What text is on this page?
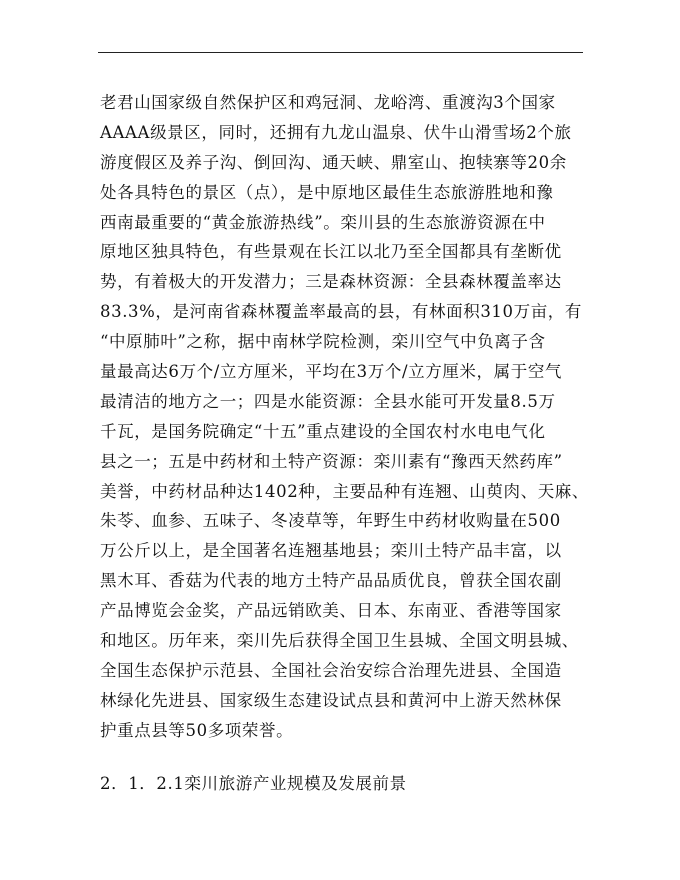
老君山国家级自然保护区和鸡冠洞、龙峪湾、重渡沟3个国家
AAAA级景区，同时，还拥有九龙山温泉、伏牛山滑雪场2个旅
游度假区及养子沟、倒回沟、通天峡、鼎室山、抱犊寨等20余
处各具特色的景区（点），是中原地区最佳生态旅游胜地和豫
西南最重要的“黄金旅游热线”。栾川县的生态旅游资源在中
原地区独具特色，有些景观在长江以北乃至全国都具有垄断优
势，有着极大的开发潜力；三是森林资源：全县森林覆盖率达
83.3%，是河南省森林覆盖率最高的县，有林面积310万亩，有
“中原肺叶”之称，据中南林学院检测，栾川空气中负离子含
量最高达6万个/立方厘米，平均在3万个/立方厘米，属于空气
最清洁的地方之一；四是水能资源：全县水能可开发量8.5万
千瓦，是国务院确定“十五”重点建设的全国农村水电电气化
县之一；五是中药材和土特产资源：栾川素有“豫西天然药库”
美誉，中药材品种达1402种，主要品种有连翘、山萸肉、天麻、
朱苓、血参、五味子、冬凌草等，年野生中药材收购量在500
万公斤以上，是全国著名连翘基地县；栾川土特产品丰富，以
黑木耳、香菇为代表的地方土特产品品质优良，曾获全国农副
产品博览会金奖，产品远销欧美、日本、东南亚、香港等国家
和地区。历年来，栾川先后获得全国卫生县城、全国文明县城、
全国生态保护示范县、全国社会治安综合治理先进县、全国造
林绿化先进县、国家级生态建设试点县和黄河中上游天然林保
护重点县等50多项荣誉。
2．1．2.1栾川旅游产业规模及发展前景
